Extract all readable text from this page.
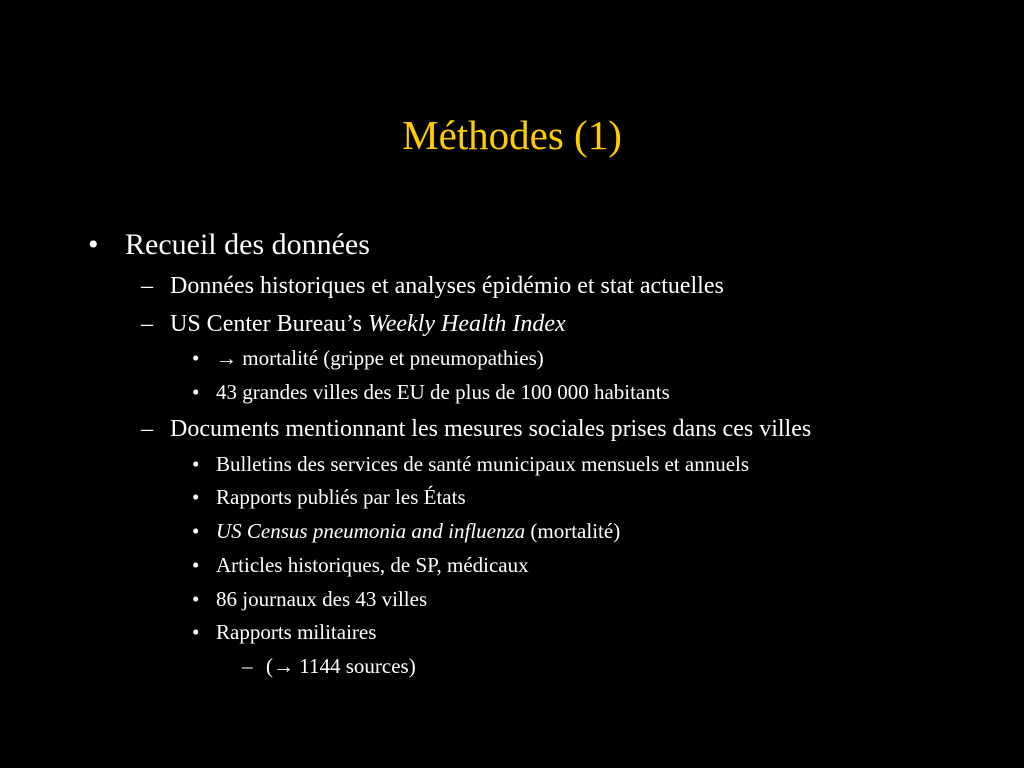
Méthodes (1)
• Recueil des données
– Données historiques et analyses épidémio et stat actuelles
– US Center Bureau’s Weekly Health Index
• → mortalité (grippe et pneumopathies)
• 43 grandes villes des EU de plus de 100 000 habitants
– Documents mentionnant les mesures sociales prises dans ces villes
• Bulletins des services de santé municipaux mensuels et annuels
• Rapports publiés par les États
• US Census pneumonia and influenza (mortalité)
• Articles historiques, de SP, médicaux
• 86 journaux des 43 villes
• Rapports militaires
– (→ 1144 sources)
